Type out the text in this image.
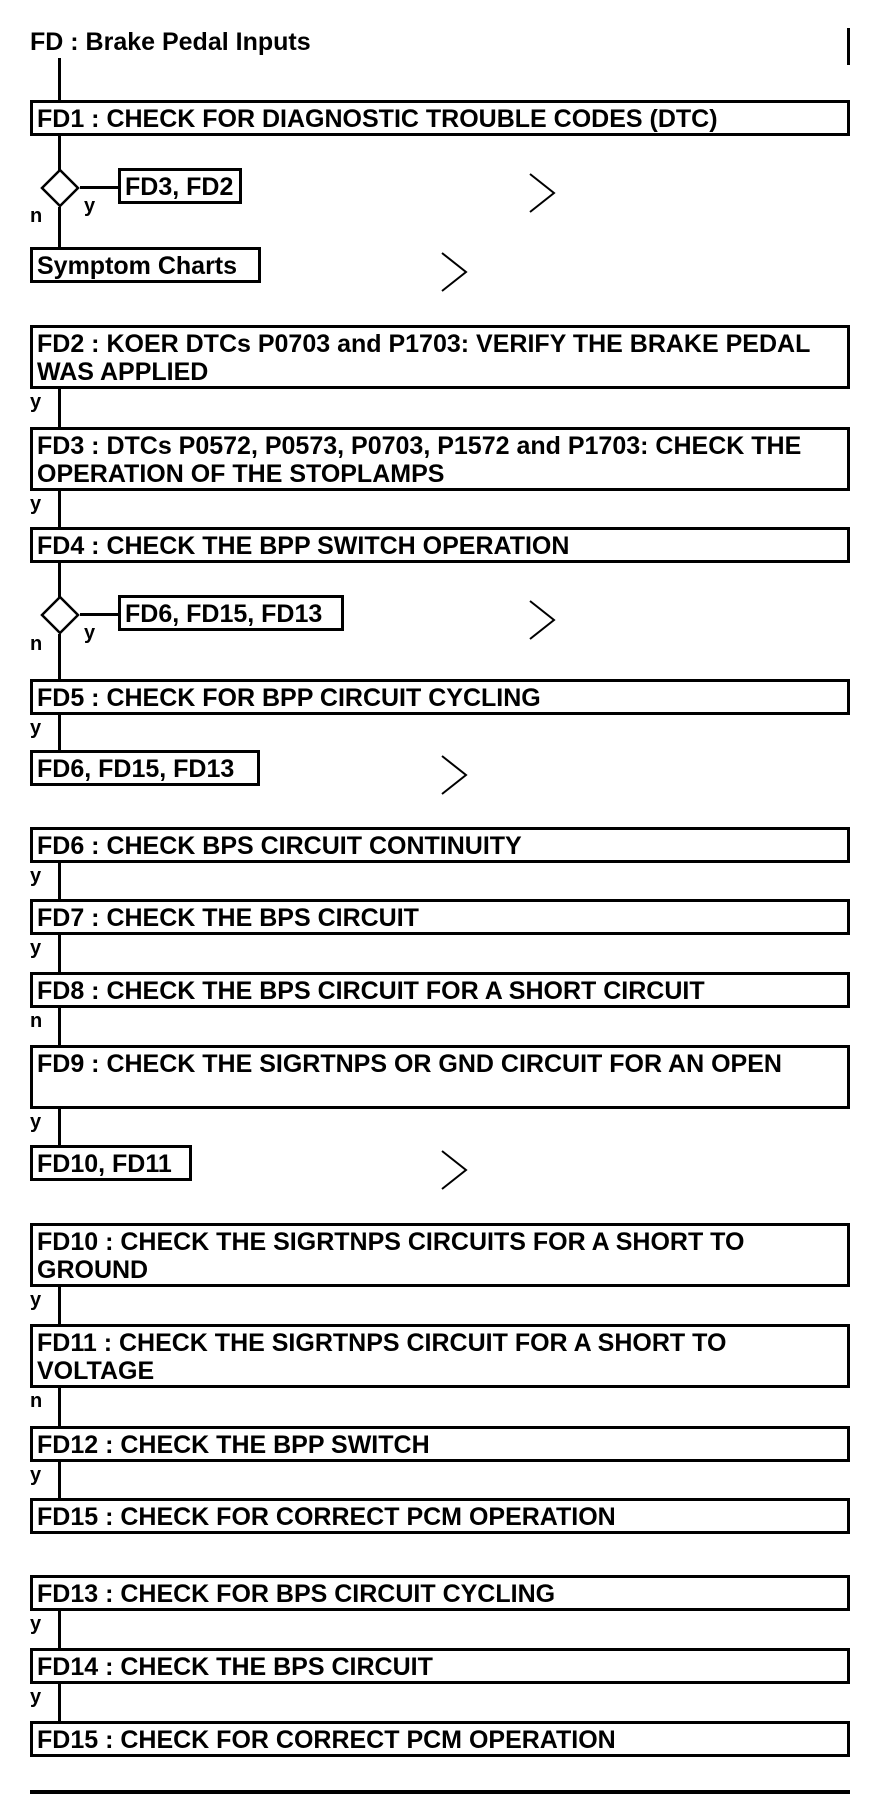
FD : Brake Pedal Inputs
FD1 : CHECK FOR DIAGNOSTIC TROUBLE CODES (DTC)
y
FD3, FD2
n
Symptom Charts
FD2 : KOER DTCs P0703 and P1703: VERIFY THE BRAKE PEDAL WAS APPLIED
y
FD3 : DTCs P0572, P0573, P0703, P1572 and P1703: CHECK THE OPERATION OF THE STOPLAMPS
y
FD4 : CHECK THE BPP SWITCH OPERATION
y
FD6, FD15, FD13
n
FD5 : CHECK FOR BPP CIRCUIT CYCLING
y
FD6, FD15, FD13
FD6 : CHECK BPS CIRCUIT CONTINUITY
y
FD7 : CHECK THE BPS CIRCUIT
y
FD8 : CHECK THE BPS CIRCUIT FOR A SHORT CIRCUIT
n
FD9 : CHECK THE SIGRTNPS OR GND CIRCUIT FOR AN OPEN
y
FD10, FD11
FD10 : CHECK THE SIGRTNPS CIRCUITS FOR A SHORT TO GROUND
y
FD11 : CHECK THE SIGRTNPS CIRCUIT FOR A SHORT TO VOLTAGE
n
FD12 : CHECK THE BPP SWITCH
y
FD15 : CHECK FOR CORRECT PCM OPERATION
FD13 : CHECK FOR BPS CIRCUIT CYCLING
y
FD14 : CHECK THE BPS CIRCUIT
y
FD15 : CHECK FOR CORRECT PCM OPERATION
